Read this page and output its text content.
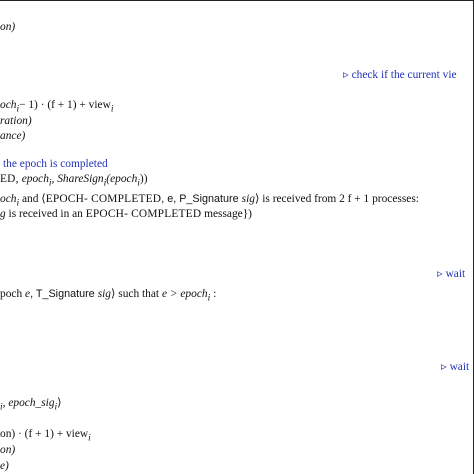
on)
▹ check if the current vie
och$_i$− 1) · (f + 1) + view$_i$
ration)
ance)
the epoch is completed
ED, epoch$_i$, ShareSign$_i$(epoch$_i$))
och$_i$ and ⟨EPOCH- COMPLETED, e, P_Signature sig⟩ is received from 2 f + 1 processes:
g is received in an EPOCH- COMPLETED message})
▹ wait
poch e, T_Signature sig⟩ such that e > epoch$_i$ :
▹ wait
$_i$, epoch_sig$_i$⟩
on) · (f + 1) + view$_i$
on)
e)
